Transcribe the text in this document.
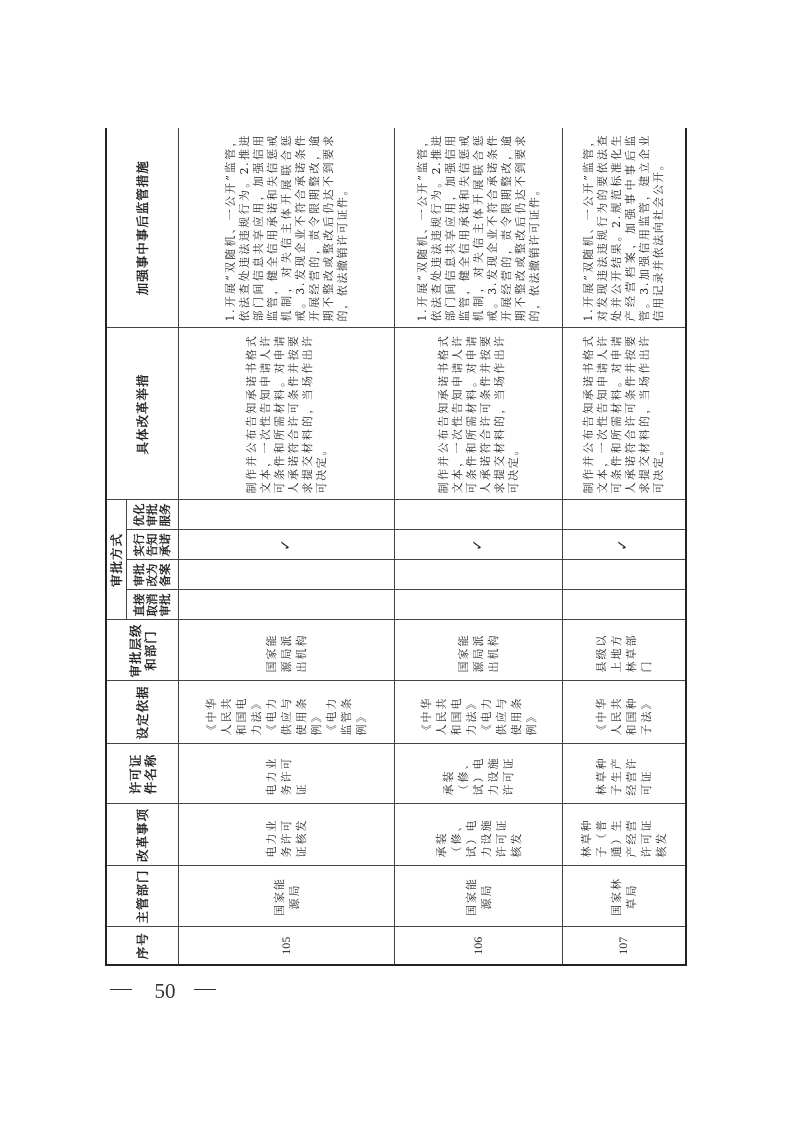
50
序号	主管部门	改革事项	许可证件名称	设定依据	审批层级和部门	审批方式				具体改革举措	加强事中事后监管措施
						直接取消审批	审批改为备案	实行告知承诺	优化审批服务		
105	国家能源局	电力业务许可证核发	电力业务许可证	《中华人民共和国电力法》《电力供应与使用条例》《电力监管条例》	国家能源局派出机构			✓		制作并公布告知承诺书格式文本，一次性告知申请人许可条件和所需材料。对申请人承诺符合许可条件并按要求提交材料的，当场作出许可决定。	1.开展“双随机、一公开”监管，依法查处违法违规行为。2.推进部门间信息共享应用，加强信用监管，健全信用承诺和失信惩戒机制，对失信主体开展联合惩戒。3.发现企业不符合承诺条件开展经营的，责令限期整改，逾期不整改或整改后仍达不到要求的，依法撤销许可证件。
106	国家能源局	承装（修、试）电力设施许可证核发	承装（修、试）电力设施许可证	《中华人民共和国电力法》《电力供应与使用条例》	国家能源局派出机构			✓		制作并公布告知承诺书格式文本，一次性告知申请人许可条件和所需材料。对申请人承诺符合许可条件并按要求提交材料的，当场作出许可决定。	1.开展“双随机、一公开”监管，依法查处违法违规行为。2.推进部门间信息共享应用，加强信用监管，健全信用承诺和失信惩戒机制，对失信主体开展联合惩戒。3.发现企业不符合承诺条件开展经营的，责令限期整改，逾期不整改或整改后仍达不到要求的，依法撤销许可证件。
107	国家林草局	林草种子（普通）生产经营许可证核发	林草种子生产经营许可证	《中华人民共和国种子法》	县级以上地方林草部门			✓		制作并公布告知承诺书格式文本，一次性告知申请人许可条件和所需材料。对申请人承诺符合许可条件并按要求提交材料的，当场作出许可决定。	1.开展“双随机、一公开”监管，对发现违法违规行为的要依法查处并公开结果。2.规范标准化生产经营档案，加强事中事后监管。3.加强信用监管，建立企业信用记录并依法向社会公开。
